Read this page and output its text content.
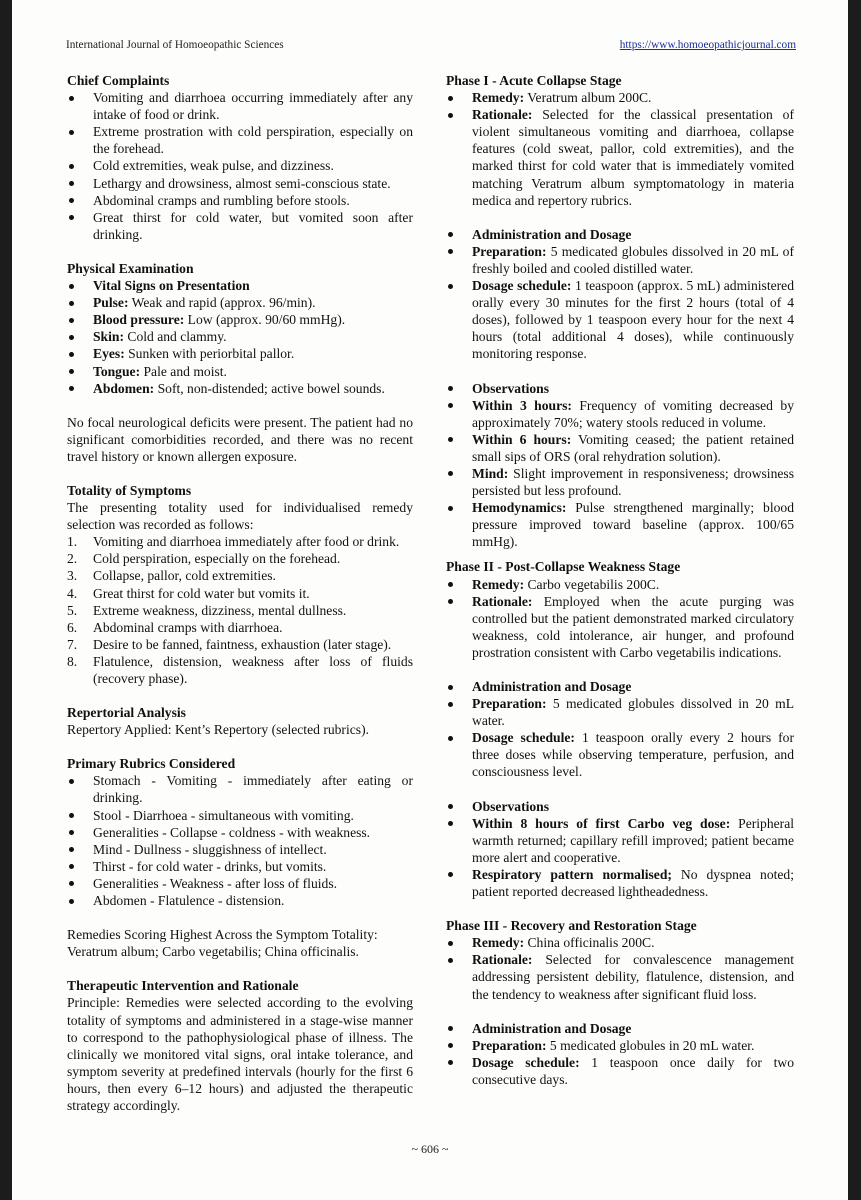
International Journal of Homoeopathic Sciences	https://www.homoeopathicjournal.com
Chief Complaints
Vomiting and diarrhoea occurring immediately after any intake of food or drink.
Extreme prostration with cold perspiration, especially on the forehead.
Cold extremities, weak pulse, and dizziness.
Lethargy and drowsiness, almost semi-conscious state.
Abdominal cramps and rumbling before stools.
Great thirst for cold water, but vomited soon after drinking.
Physical Examination
Vital Signs on Presentation
Pulse: Weak and rapid (approx. 96/min).
Blood pressure: Low (approx. 90/60 mmHg).
Skin: Cold and clammy.
Eyes: Sunken with periorbital pallor.
Tongue: Pale and moist.
Abdomen: Soft, non-distended; active bowel sounds.

No focal neurological deficits were present. The patient had no significant comorbidities recorded, and there was no recent travel history or known allergen exposure.

Totality of Symptoms

The presenting totality used for individualised remedy selection was recorded as follows:

1. Vomiting and diarrhoea immediately after food or drink.
2. Cold perspiration, especially on the forehead.
3. Collapse, pallor, cold extremities.
4. Great thirst for cold water but vomits it.
5. Extreme weakness, dizziness, mental dullness.
6. Abdominal cramps with diarrhoea.
7. Desire to be fanned, faintness, exhaustion (later stage).
8. Flatulence, distension, weakness after loss of fluids (recovery phase).
Repertorial Analysis

Repertory Applied: Kent’s Repertory (selected rubrics).

Primary Rubrics Considered
Stomach - Vomiting - immediately after eating or drinking.
Stool - Diarrhoea - simultaneous with vomiting.
Generalities - Collapse - coldness - with weakness.
Mind - Dullness - sluggishness of intellect.
Thirst - for cold water - drinks, but vomits.
Generalities - Weakness - after loss of fluids.
Abdomen - Flatulence - distension.

Remedies Scoring Highest Across the Symptom Totality: Veratrum album; Carbo vegetabilis; China officinalis.

Therapeutic Intervention and Rationale

Principle: Remedies were selected according to the evolving totality of symptoms and administered in a stage-wise manner to correspond to the pathophysiological phase of illness. The clinically we monitored vital signs, oral intake tolerance, and symptom severity at predefined intervals (hourly for the first 6 hours, then every 6–12 hours) and adjusted the therapeutic strategy accordingly.

Phase I - Acute Collapse Stage
Remedy: Veratrum album 200C.
Rationale: Selected for the classical presentation of violent simultaneous vomiting and diarrhoea, collapse features (cold sweat, pallor, cold extremities), and the marked thirst for cold water that is immediately vomited matching Veratrum album symptomatology in materia medica and repertory rubrics.
Administration and Dosage
Preparation: 5 medicated globules dissolved in 20 mL of freshly boiled and cooled distilled water.
Dosage schedule: 1 teaspoon (approx. 5 mL) administered orally every 30 minutes for the first 2 hours (total of 4 doses), followed by 1 teaspoon every hour for the next 4 hours (total additional 4 doses), while continuously monitoring response.
Observations
Within 3 hours: Frequency of vomiting decreased by approximately 70%; watery stools reduced in volume.
Within 6 hours: Vomiting ceased; the patient retained small sips of ORS (oral rehydration solution).
Mind: Slight improvement in responsiveness; drowsiness persisted but less profound.
Hemodynamics: Pulse strengthened marginally; blood pressure improved toward baseline (approx. 100/65 mmHg).
Phase II - Post-Collapse Weakness Stage
Remedy: Carbo vegetabilis 200C.
Rationale: Employed when the acute purging was controlled but the patient demonstrated marked circulatory weakness, cold intolerance, air hunger, and profound prostration consistent with Carbo vegetabilis indications.
Administration and Dosage
Preparation: 5 medicated globules dissolved in 20 mL water.
Dosage schedule: 1 teaspoon orally every 2 hours for three doses while observing temperature, perfusion, and consciousness level.
Observations
Within 8 hours of first Carbo veg dose: Peripheral warmth returned; capillary refill improved; patient became more alert and cooperative.
Respiratory pattern normalised; No dyspnea noted; patient reported decreased lightheadedness.
Phase III - Recovery and Restoration Stage
Remedy: China officinalis 200C.
Rationale: Selected for convalescence management addressing persistent debility, flatulence, distension, and the tendency to weakness after significant fluid loss.
Administration and Dosage
Preparation: 5 medicated globules in 20 mL water.
Dosage schedule: 1 teaspoon once daily for two consecutive days.
~ 606 ~
